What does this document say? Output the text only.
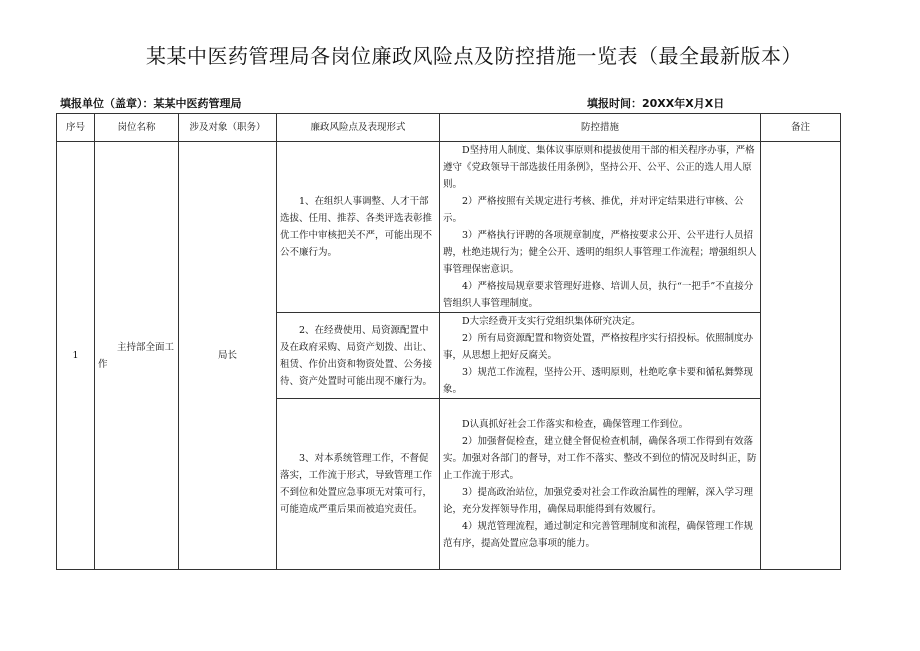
某某中医药管理局各岗位廉政风险点及防控措施一览表（最全最新版本）
填报单位（盖章）：某某中医药管理局	填报时间：20XX年X月X日
序号	岗位名称	涉及对象（职务）	廉政风险点及表现形式	防控措施	备注
1	主持部全面工作	局长	1、在组织人事调整、人才干部选拔、任用、推荐、各类评选表彰推优工作中审核把关不严，可能出现不公不廉行为。	D坚持用人制度、集体议事原则和提拔使用干部的相关程序办事，严格遵守《党政领导干部选拔任用条例》，坚持公开、公平、公正的选人用人原则。

2）严格按照有关规定进行考核、推优，并对评定结果进行审核、公示。

3）严格执行评聘的各项规章制度，严格按要求公开、公平进行人员招聘，杜绝违规行为；健全公开、透明的组织人事管理工作流程；增强组织人事管理保密意识。

4）严格按局规章要求管理好进修、培训人员，执行“一把手”不直接分管组织人事管理制度。	

			2、在经费使用、局资源配置中及在政府采购、局资产划拨、出让、租赁、作价出资和物资处置、公务接待、资产处置时可能出现不廉行为。	D大宗经费开支实行党组织集体研究决定。

2）所有局资源配置和物资处置，严格按程序实行招投标。依照制度办事，从思想上把好反腐关。

3）规范工作流程，坚持公开、透明原则，杜绝吃拿卡要和循私舞弊现象。	

			3、对本系统管理工作，不督促落实，工作流于形式，导致管理工作不到位和处置应急事项无对策可行，可能造成严重后果而被追究责任。	D认真抓好社会工作落实和检查，确保管理工作到位。

2）加强督促检查，建立健全督促检查机制，确保各项工作得到有效落实。加强对各部门的督导，对工作不落实、整改不到位的情况及时纠正，防止工作流于形式。

3）提高政治站位，加强党委对社会工作政治属性的理解，深入学习理论，充分发挥领导作用，确保局职能得到有效履行。

4）规范管理流程，通过制定和完善管理制度和流程，确保管理工作规范有序，提高处置应急事项的能力。	
